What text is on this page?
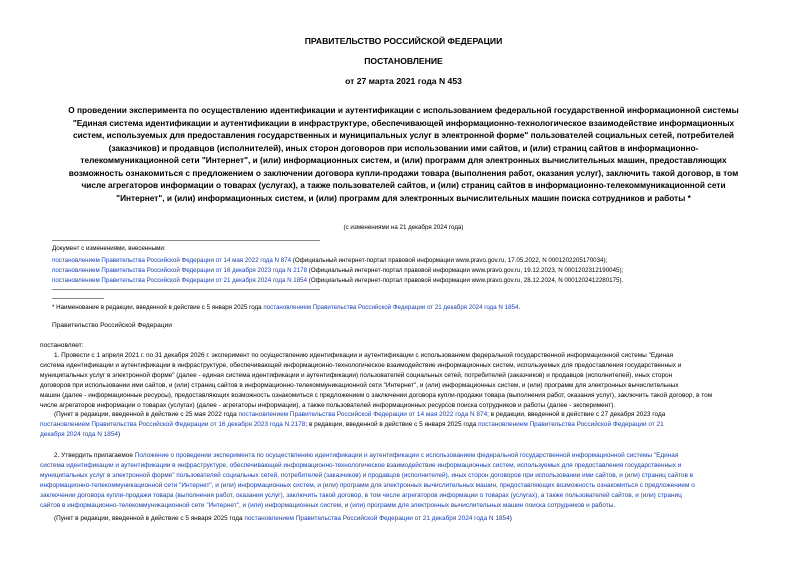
ПРАВИТЕЛЬСТВО РОССИЙСКОЙ ФЕДЕРАЦИИ
ПОСТАНОВЛЕНИЕ
от 27 марта 2021 года N 453
О проведении эксперимента по осуществлению идентификации и аутентификации с использованием федеральной государственной информационной системы
"Единая система идентификации и аутентификации в инфраструктуре, обеспечивающей информационно-технологическое взаимодействие информационных
систем, используемых для предоставления государственных и муниципальных услуг в электронной форме" пользователей социальных сетей, потребителей
(заказчиков) и продавцов (исполнителей), иных сторон договоров при использовании ими сайтов, и (или) страниц сайтов в информационно-
телекоммуникационной сети "Интернет", и (или) информационных систем, и (или) программ для электронных вычислительных машин, предоставляющих
возможность ознакомиться с предложением о заключении договора купли-продажи товара (выполнения работ, оказания услуг), заключить такой договор, в том
числе агрегаторов информации о товарах (услугах), а также пользователей сайтов, и (или) страниц сайтов в информационно-телекоммуникационной сети
"Интернет", и (или) информационных систем, и (или) программ для электронных вычислительных машин поиска сотрудников и работы *
(с изменениями на 21 декабря 2024 года)
Документ с изменениями, внесенными:
постановлением Правительства Российской Федерации от 14 мая 2022 года N 874 (Официальный интернет-портал правовой информации www.pravo.gov.ru, 17.05.2022, N 0001202205170034);
постановлением Правительства Российской Федерации от 16 декабря 2023 года N 2178 (Официальный интернет-портал правовой информации www.pravo.gov.ru, 19.12.2023, N 0001202312190045);
постановлением Правительства Российской Федерации от 21 декабря 2024 года N 1854 (Официальный интернет-портал правовой информации www.pravo.gov.ru, 28.12.2024, N 0001202412280175).
* Наименование в редакции, введенной в действие с 5 января 2025 года постановлением Правительства Российской Федерации от 21 декабря 2024 года N 1854.
Правительство Российской Федерации
постановляет:
1. Провести с 1 апреля 2021 г. по 31 декабря 2026 г. эксперимент по осуществлению идентификации и аутентификации с использованием федеральной государственной информационной системы "Единая
система идентификации и аутентификации в инфраструктуре, обеспечивающей информационно-технологическое взаимодействие информационных систем, используемых для предоставления государственных и
муниципальных услуг в электронной форме" (далее - единая система идентификации и аутентификации) пользователей социальных сетей, потребителей (заказчиков) и продавцов (исполнителей), иных сторон
договоров при использовании ими сайтов, и (или) страниц сайтов в информационно-телекоммуникационной сети "Интернет", и (или) информационных систем, и (или) программ для электронных вычислительных
машин (далее - информационные ресурсы), предоставляющих возможность ознакомиться с предложением о заключении договора купли-продажи товара (выполнения работ, оказания услуг), заключить такой договор, в том
числе агрегаторов информации о товарах (услугах) (далее - агрегаторы информации), а также пользователей информационных ресурсов поиска сотрудников и работы (далее - эксперимент).
(Пункт в редакции, введенной в действие с 25 мая 2022 года постановлением Правительства Российской Федерации от 14 мая 2022 года N 874; в редакции, введенной в действие с 27 декабря 2023 года
постановлением Правительства Российской Федерации от 16 декабря 2023 года N 2178; в редакции, введенной в действие с 5 января 2025 года постановлением Правительства Российской Федерации от 21
декабря 2024 года N 1854)
2. Утвердить прилагаемое Положение о проведении эксперимента по осуществлению идентификации и аутентификации с использованием федеральной государственной информационной системы "Единая
система идентификации и аутентификации в инфраструктуре, обеспечивающей информационно-технологическое взаимодействие информационных систем, используемых для предоставления государственных и
муниципальных услуг в электронной форме" пользователей социальных сетей, потребителей (заказчиков) и продавцов (исполнителей), иных сторон договоров при использовании ими сайтов, и (или) страниц сайтов в
информационно-телекоммуникационной сети "Интернет", и (или) информационных систем, и (или) программ для электронных вычислительных машин, предоставляющих возможность ознакомиться с предложением о
заключении договора купли-продажи товара (выполнения работ, оказания услуг), заключить такой договор, в том числе агрегаторов информации о товарах (услугах), а также пользователей сайтов, и (или) страниц
сайтов в информационно-телекоммуникационной сети "Интернет", и (или) информационных систем, и (или) программ для электронных вычислительных машин поиска сотрудников и работы.
(Пункт в редакции, введенной в действие с 5 января 2025 года постановлением Правительства Российской Федерации от 21 декабря 2024 года N 1854)
